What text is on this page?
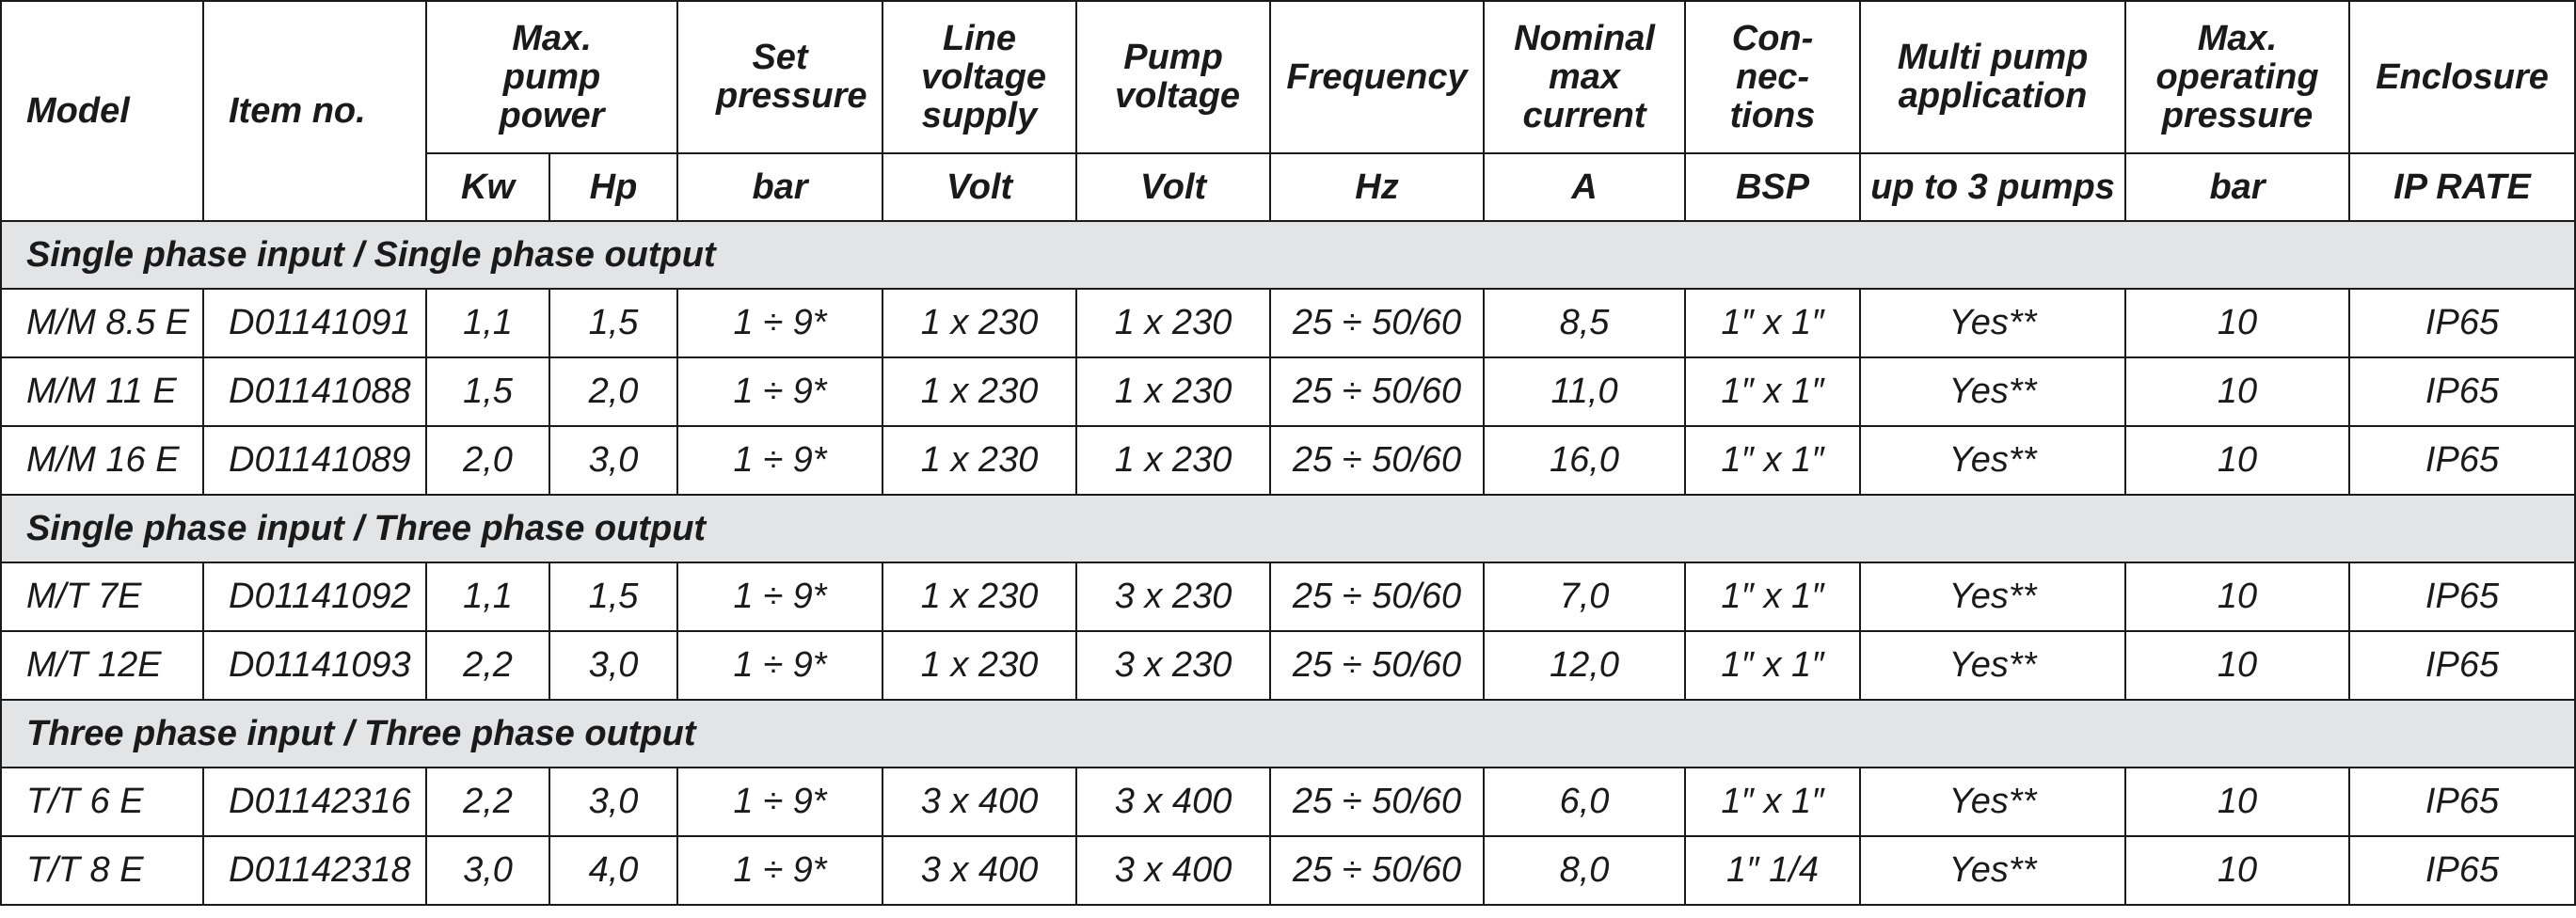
Model	Item no.	Max. pump power		Set pressure	Line voltage supply	Pump voltage	Frequency	Nominal max current	Con- nec- tions	Multi pump application	Max. operating pressure	Enclosure
		Kw	Hp	bar	Volt	Volt	Hz	A	BSP	up to 3 pumps	bar	IP RATE
Single phase input / Single phase output												
M/M 8.5 E	D01141091	1,1	1,5	1 ÷ 9*	1 x 230	1 x 230	25 ÷ 50/60	8,5	1″ x 1″	Yes**	10	IP65
M/M 11 E	D01141088	1,5	2,0	1 ÷ 9*	1 x 230	1 x 230	25 ÷ 50/60	11,0	1″ x 1″	Yes**	10	IP65
M/M 16 E	D01141089	2,0	3,0	1 ÷ 9*	1 x 230	1 x 230	25 ÷ 50/60	16,0	1″ x 1″	Yes**	10	IP65
Single phase input / Three phase output												
M/T 7E	D01141092	1,1	1,5	1 ÷ 9*	1 x 230	3 x 230	25 ÷ 50/60	7,0	1″ x 1″	Yes**	10	IP65
M/T 12E	D01141093	2,2	3,0	1 ÷ 9*	1 x 230	3 x 230	25 ÷ 50/60	12,0	1″ x 1″	Yes**	10	IP65
Three phase input / Three phase output												
T/T 6 E	D01142316	2,2	3,0	1 ÷ 9*	3 x 400	3 x 400	25 ÷ 50/60	6,0	1″ x 1″	Yes**	10	IP65
T/T 8 E	D01142318	3,0	4,0	1 ÷ 9*	3 x 400	3 x 400	25 ÷ 50/60	8,0	1″ 1/4	Yes**	10	IP65
